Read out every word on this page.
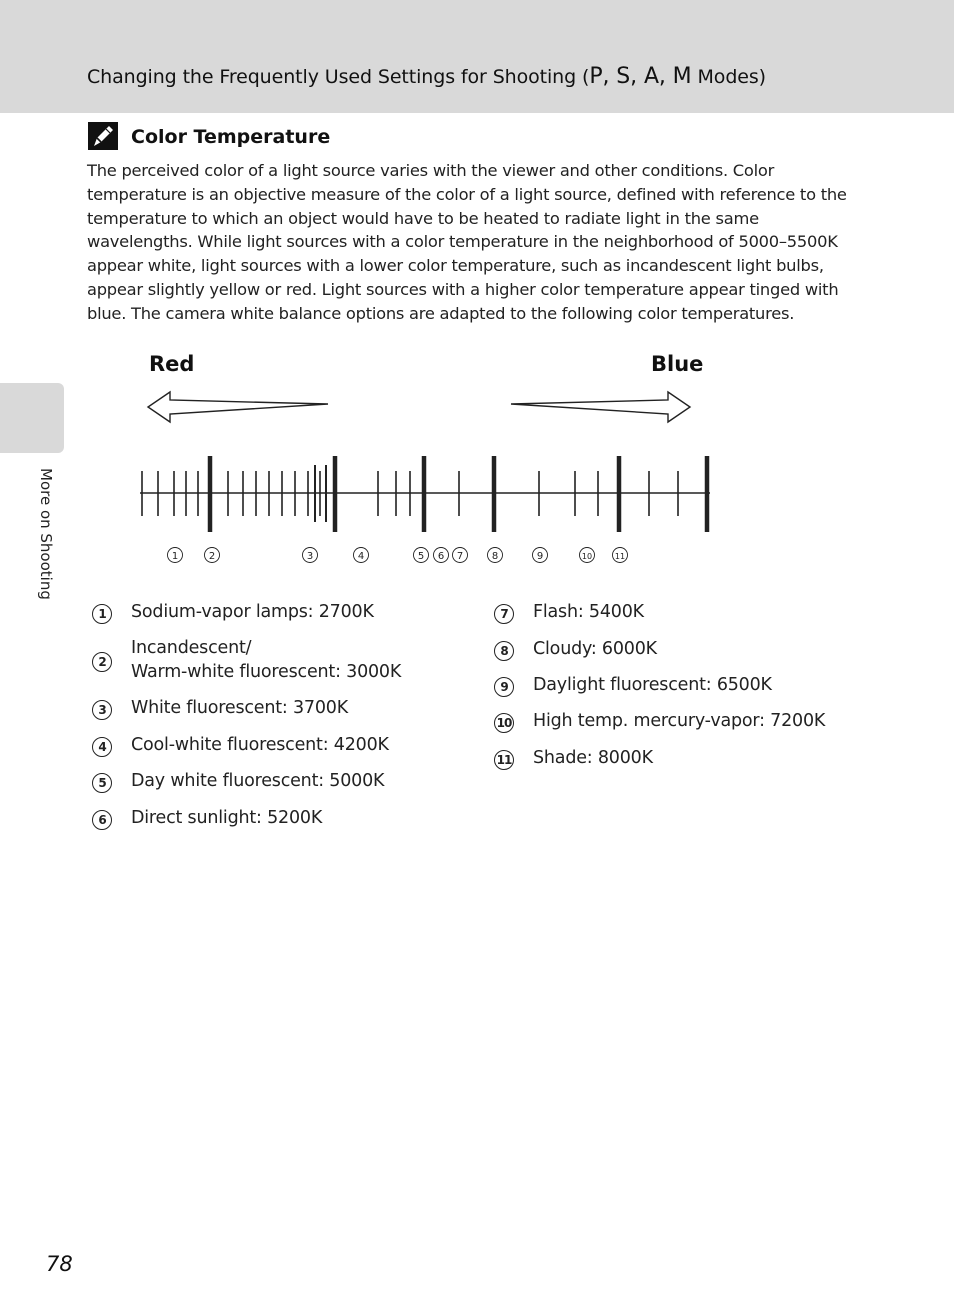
Changing the Frequently Used Settings for Shooting (P, S, A, M Modes)
More on Shooting
Color Temperature
The perceived color of a light source varies with the viewer and other conditions. Color temperature is an objective measure of the color of a light source, defined with reference to the temperature to which an object would have to be heated to radiate light in the same wavelengths. While light sources with a color temperature in the neighborhood of 5000–5500K appear white, light sources with a lower color temperature, such as incandescent light bulbs, appear slightly yellow or red. Light sources with a higher color temperature appear tinged with blue. The camera white balance options are adapted to the following color temperatures.
Red	Blue
1	2	3	4	5 6 7	8	9	10	11
1	Sodium-vapor lamps: 2700K
2
Incandescent/
Warm-white fluorescent: 3000K
3	White fluorescent: 3700K
4	Cool-white fluorescent: 4200K
5	Day white fluorescent: 5000K
6	Direct sunlight: 5200K
7	Flash: 5400K
8	Cloudy: 6000K
9	Daylight fluorescent: 6500K
10 High temp. mercury-vapor: 7200K
11 Shade: 8000K
78
